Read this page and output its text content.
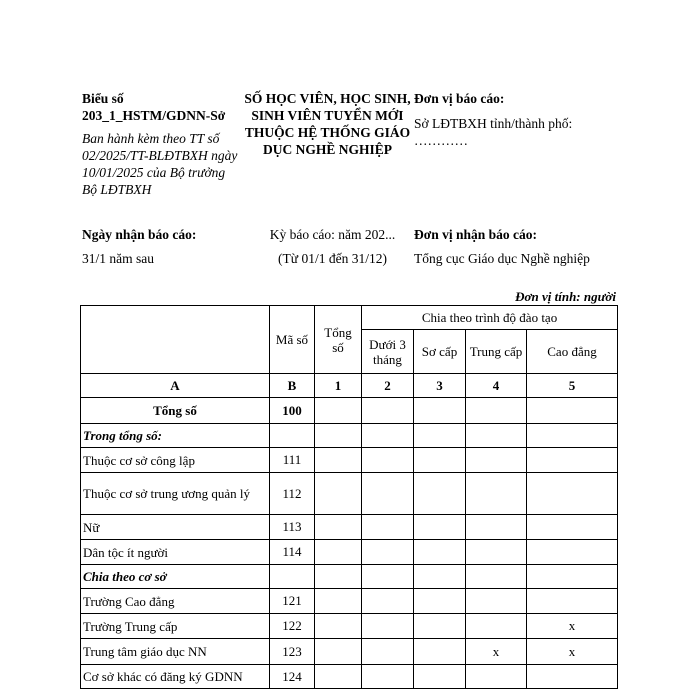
Biểu số 203_1_HSTM/GDNN-Sở
Ban hành kèm theo TT số 02/2025/TT-BLĐTBXH ngày 10/01/2025 của Bộ trưởng Bộ LĐTBXH
SỐ HỌC VIÊN, HỌC SINH, SINH VIÊN TUYỂN MỚI THUỘC HỆ THỐNG GIÁO DỤC NGHỀ NGHIỆP
Đơn vị báo cáo:
Sở LĐTBXH tỉnh/thành phố: …………
Ngày nhận báo cáo:
31/1 năm sau
Kỳ báo cáo: năm 202...
(Từ 01/1 đến 31/12)
Đơn vị nhận báo cáo:
Tổng cục Giáo dục Nghề nghiệp
Đơn vị tính: người
	Mã số	Tổng số	Chia theo trình độ đào tạo			
			Dưới 3 tháng	Sơ cấp	Trung cấp	Cao đẳng
A	B	1	2	3	4	5
Tổng số	100					
Trong tổng số:						
Thuộc cơ sở công lập	111					
Thuộc cơ sở trung ương quản lý	112					
Nữ	113					
Dân tộc ít người	114					
Chia theo cơ sở						
Trường Cao đẳng	121					
Trường Trung cấp	122					x
Trung tâm giáo dục NN	123				x	x
Cơ sở khác có đăng ký GDNN	124					
